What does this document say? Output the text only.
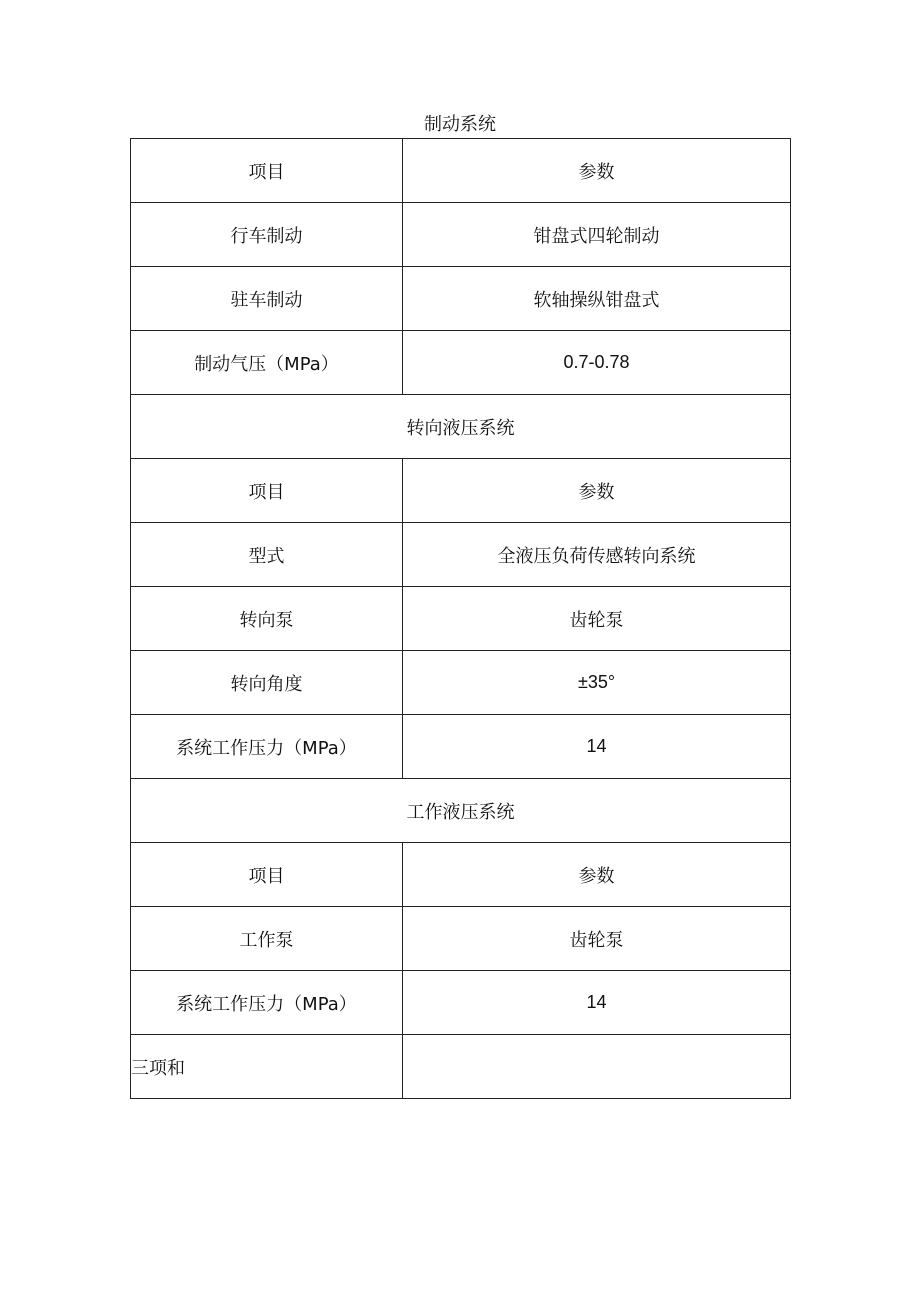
制动系统
项目	参数
行车制动	钳盘式四轮制动
驻车制动	软轴操纵钳盘式
制动气压（MPa）	0.7-0.78
转向液压系统	
项目	参数
型式	全液压负荷传感转向系统
转向泵	齿轮泵
转向角度	±35°
系统工作压力（MPa）	14
工作液压系统	
项目	参数
工作泵	齿轮泵
系统工作压力（MPa）	14
三项和	
